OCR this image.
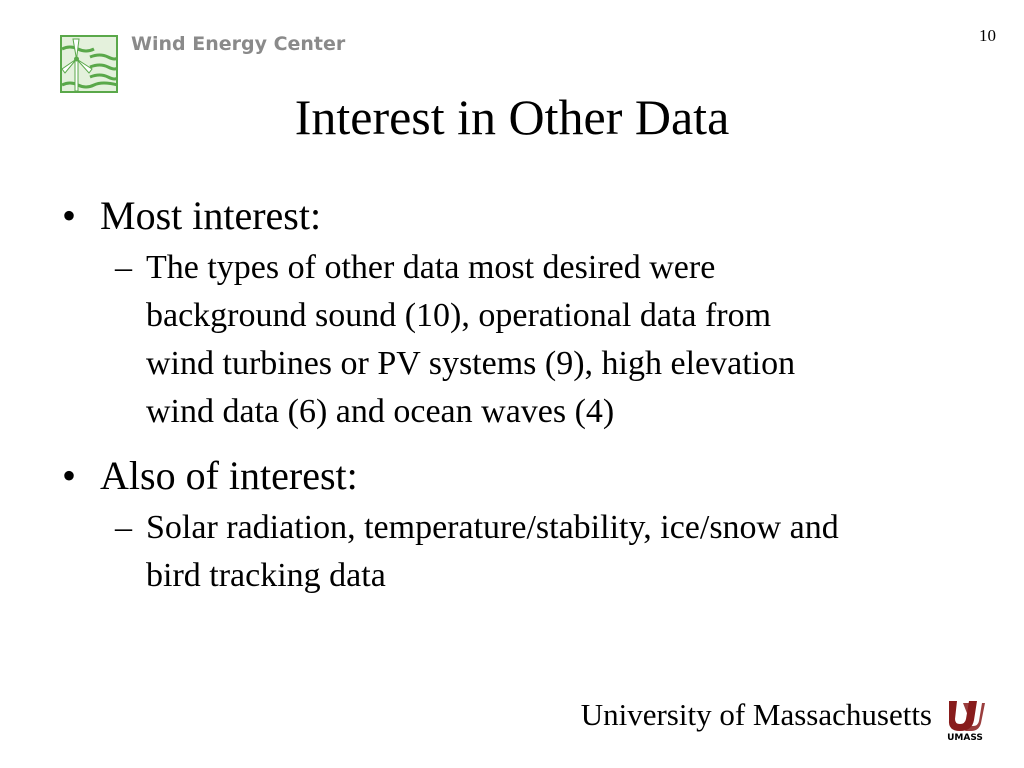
Wind Energy Center	10
Interest in Other Data
• Most interest:
– The types of other data most desired were
background sound (10), operational data from
wind turbines or PV systems (9), high elevation
wind data (6) and ocean waves (4)
• Also of interest:
– Solar radiation, temperature/stability, ice/snow and
bird tracking data
University of Massachusetts
UMASS
